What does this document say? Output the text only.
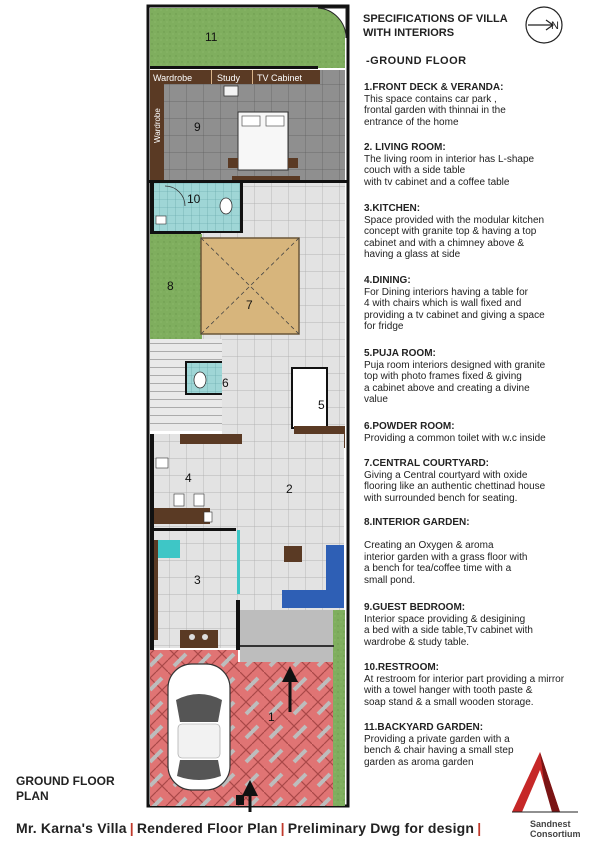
11
9
10
8
7
6
5
4
2
3
1
Wardrobe	Study TV Cabinet
Wardrobe
N
SPECIFICATIONS OF VILLA WITH INTERIORS
-GROUND FLOOR
1.FRONT DECK & VERANDA:
This space contains car park ,
frontal garden with thinnai in the
entrance of the home
2. LIVING ROOM:
The living room in interior has L-shape
couch with a side table
with tv cabinet and a coffee table
3.KITCHEN:
Space provided with the modular kitchen
concept with granite top & having a top
cabinet and with a chimney above &
having a glass at side
4.DINING:
For Dining interiors having a table for
4 with chairs which is wall fixed and
providing a tv cabinet and giving a space
for fridge
5.PUJA ROOM:
Puja room interiors designed with granite
top with photo frames fixed & giving
a cabinet above and creating a divine
value
6.POWDER ROOM:
Providing a common toilet with w.c inside
7.CENTRAL COURTYARD:
Giving a Central courtyard with oxide
flooring like an authentic chettinad house
with surrounded bench for seating.
8.INTERIOR GARDEN:

Creating an Oxygen & aroma
interior garden with a grass floor with
a bench for tea/coffee time with a
small pond.
9.GUEST BEDROOM:
Interior space providing & desigining
a bed with a side table,Tv cabinet with
wardrobe & study table.
10.RESTROOM:
At restroom for interior part providing a mirror
with a towel hanger with tooth paste &
soap stand & a small wooden storage.
11.BACKYARD GARDEN:
Providing a private garden with a
bench & chair having a small step
garden as aroma garden
GROUND FLOOR PLAN
Mr. Karna's Villa | Rendered Floor Plan | Preliminary Dwg for design |	Sandnest
Consortium
